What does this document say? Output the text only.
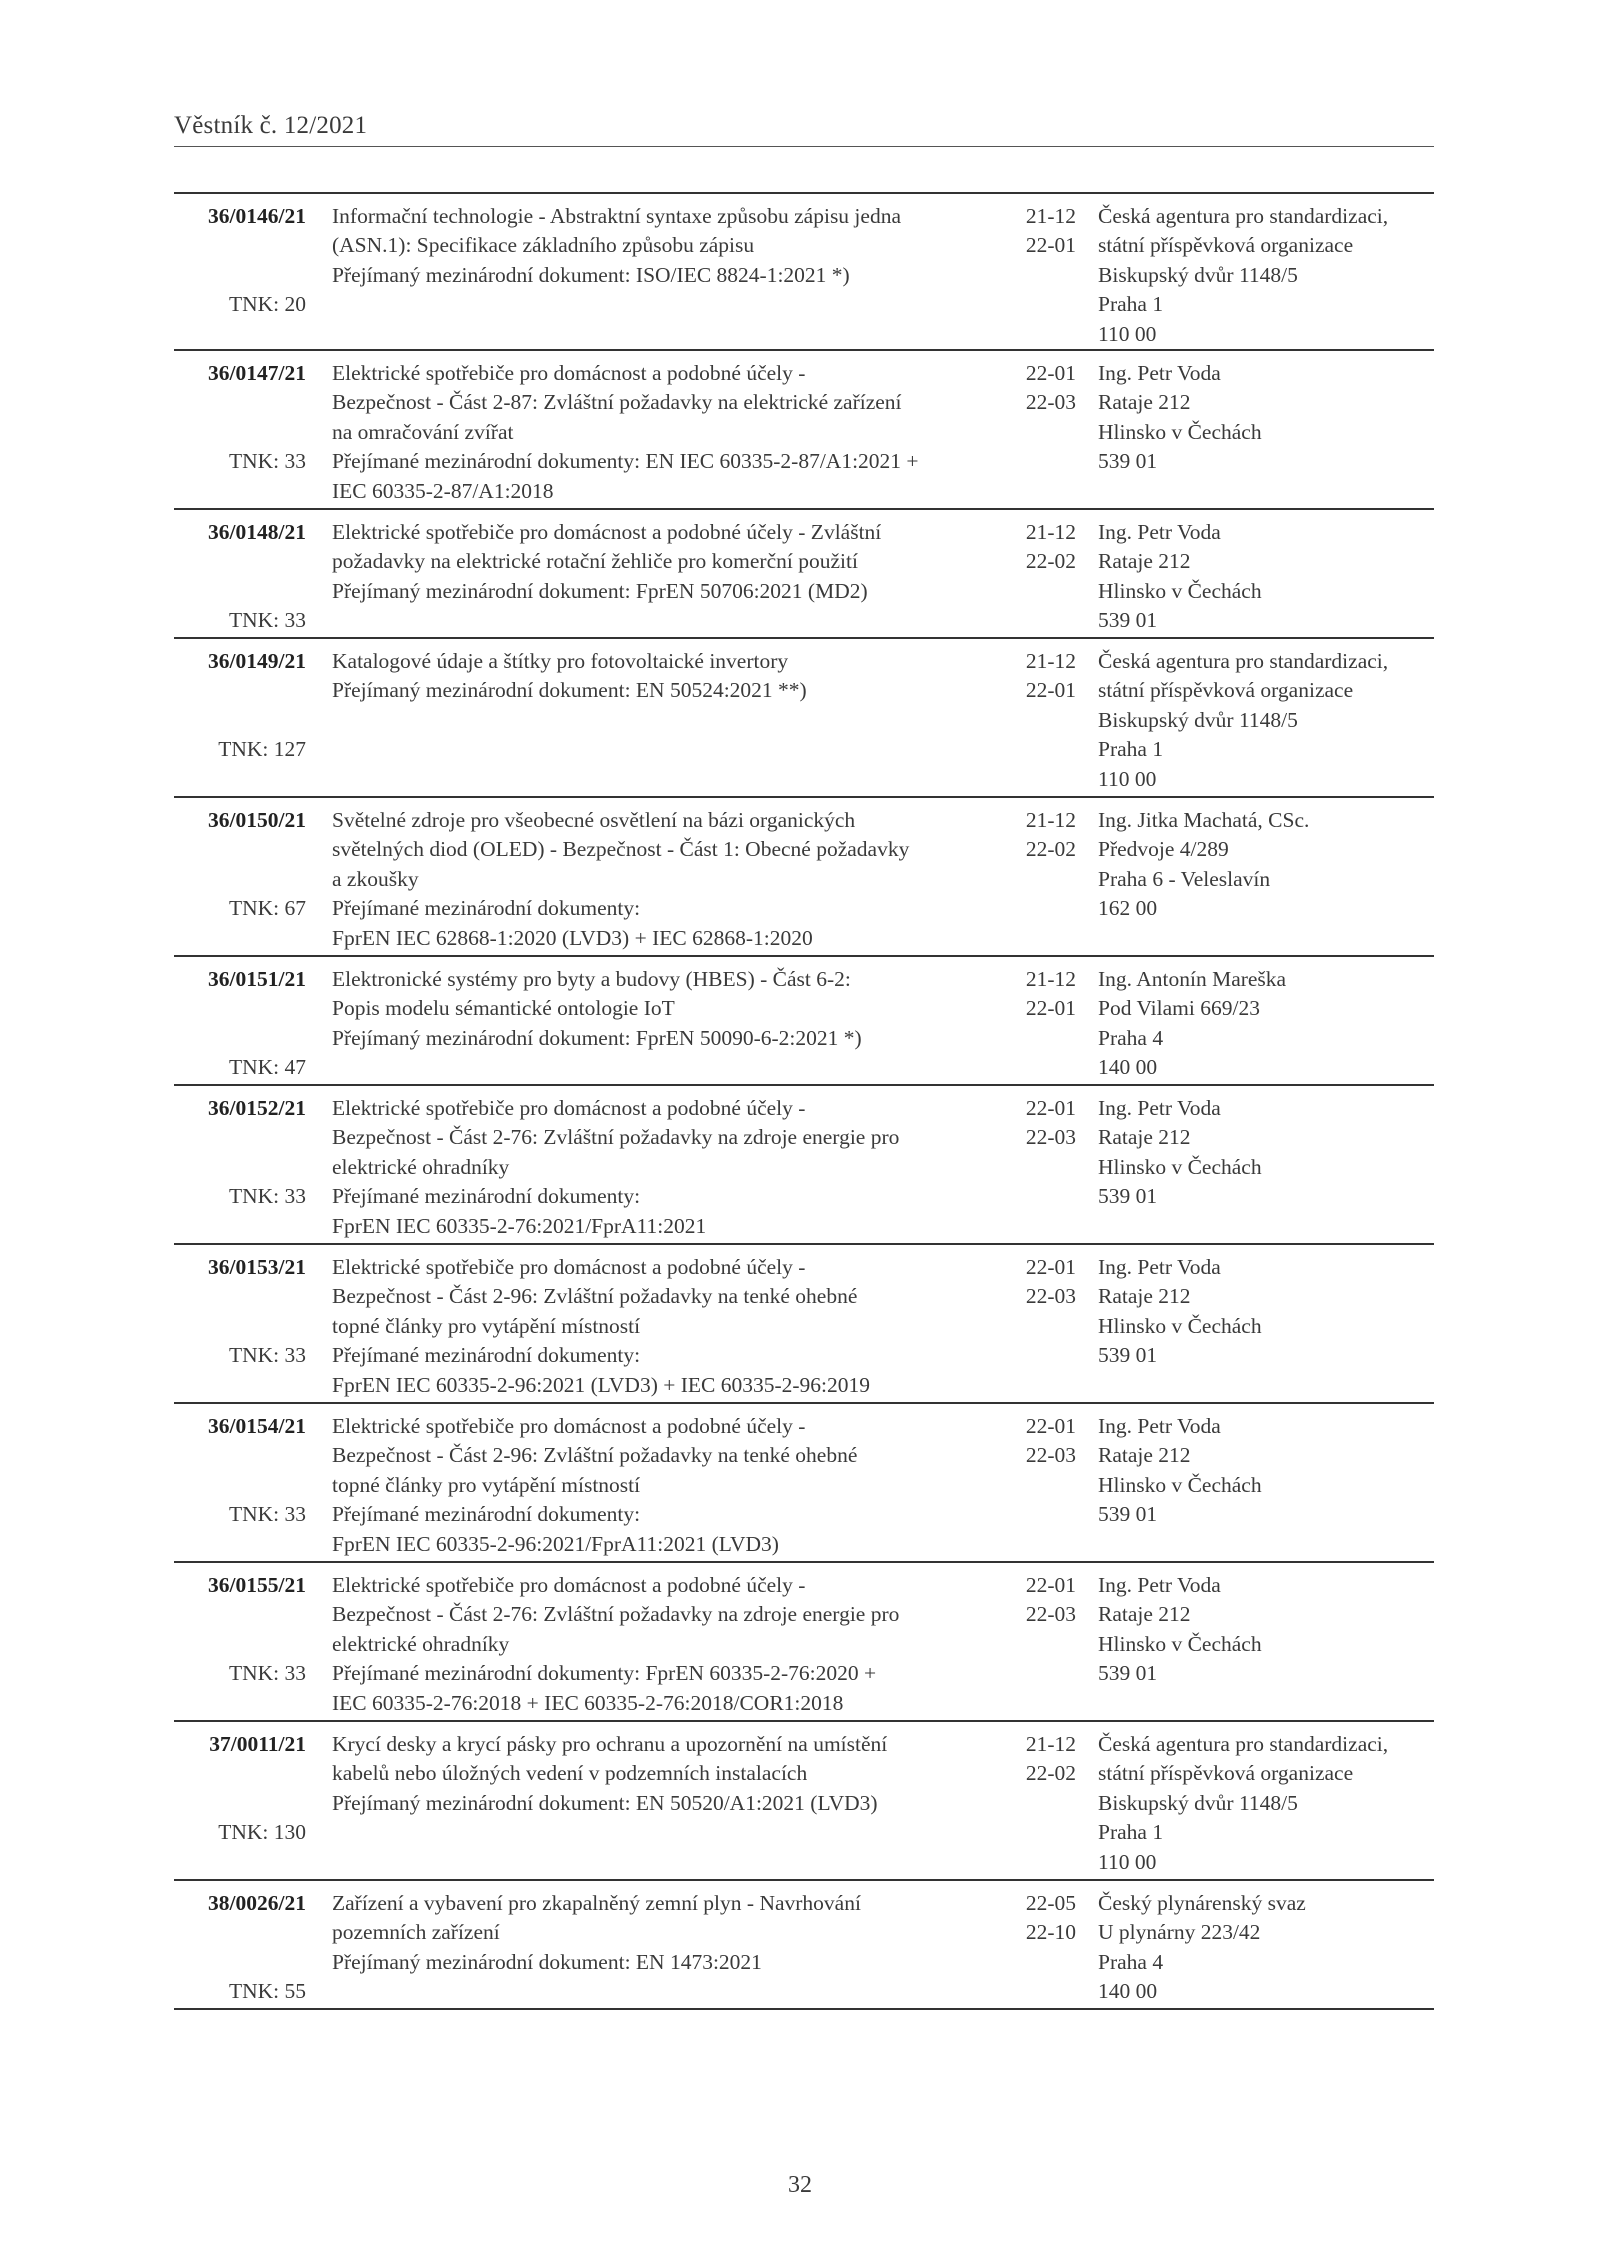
Věstník č. 12/2021
36/0146/21
TNK: 20
Informační technologie - Abstraktní syntaxe způsobu zápisu jedna
(ASN.1): Specifikace základního způsobu zápisu
Přejímaný mezinárodní dokument: ISO/IEC 8824-1:2021 *)
21-12
22-01
Česká agentura pro standardizaci,
státní příspěvková organizace
Biskupský dvůr 1148/5
Praha 1
110 00
36/0147/21
TNK: 33
Elektrické spotřebiče pro domácnost a podobné účely -
Bezpečnost - Část 2-87: Zvláštní požadavky na elektrické zařízení
na omračování zvířat
Přejímané mezinárodní dokumenty: EN IEC 60335-2-87/A1:2021 +
IEC 60335-2-87/A1:2018
22-01
22-03
Ing. Petr Voda
Rataje 212
Hlinsko v Čechách
539 01
36/0148/21
TNK: 33
Elektrické spotřebiče pro domácnost a podobné účely - Zvláštní
požadavky na elektrické rotační žehliče pro komerční použití
Přejímaný mezinárodní dokument: FprEN 50706:2021 (MD2)
21-12
22-02
Ing. Petr Voda
Rataje 212
Hlinsko v Čechách
539 01
36/0149/21
TNK: 127
Katalogové údaje a štítky pro fotovoltaické invertory
Přejímaný mezinárodní dokument: EN 50524:2021 **)
21-12
22-01
Česká agentura pro standardizaci,
státní příspěvková organizace
Biskupský dvůr 1148/5
Praha 1
110 00
36/0150/21
TNK: 67
Světelné zdroje pro všeobecné osvětlení na bázi organických
světelných diod (OLED) - Bezpečnost - Část 1: Obecné požadavky
a zkoušky
Přejímané mezinárodní dokumenty:
FprEN IEC 62868-1:2020 (LVD3) + IEC 62868-1:2020
21-12
22-02
Ing. Jitka Machatá, CSc.
Předvoje 4/289
Praha 6 - Veleslavín
162 00
36/0151/21
TNK: 47
Elektronické systémy pro byty a budovy (HBES) - Část 6-2:
Popis modelu sémantické ontologie IoT
Přejímaný mezinárodní dokument: FprEN 50090-6-2:2021 *)
21-12
22-01
Ing. Antonín Mareška
Pod Vilami 669/23
Praha 4
140 00
36/0152/21
TNK: 33
Elektrické spotřebiče pro domácnost a podobné účely -
Bezpečnost - Část 2-76: Zvláštní požadavky na zdroje energie pro
elektrické ohradníky
Přejímané mezinárodní dokumenty:
FprEN IEC 60335-2-76:2021/FprA11:2021
22-01
22-03
Ing. Petr Voda
Rataje 212
Hlinsko v Čechách
539 01
36/0153/21
TNK: 33
Elektrické spotřebiče pro domácnost a podobné účely -
Bezpečnost - Část 2-96: Zvláštní požadavky na tenké ohebné
topné články pro vytápění místností
Přejímané mezinárodní dokumenty:
FprEN IEC 60335-2-96:2021 (LVD3) + IEC 60335-2-96:2019
22-01
22-03
Ing. Petr Voda
Rataje 212
Hlinsko v Čechách
539 01
36/0154/21
TNK: 33
Elektrické spotřebiče pro domácnost a podobné účely -
Bezpečnost - Část 2-96: Zvláštní požadavky na tenké ohebné
topné články pro vytápění místností
Přejímané mezinárodní dokumenty:
FprEN IEC 60335-2-96:2021/FprA11:2021 (LVD3)
22-01
22-03
Ing. Petr Voda
Rataje 212
Hlinsko v Čechách
539 01
36/0155/21
TNK: 33
Elektrické spotřebiče pro domácnost a podobné účely -
Bezpečnost - Část 2-76: Zvláštní požadavky na zdroje energie pro
elektrické ohradníky
Přejímané mezinárodní dokumenty: FprEN 60335-2-76:2020 +
IEC 60335-2-76:2018 + IEC 60335-2-76:2018/COR1:2018
22-01
22-03
Ing. Petr Voda
Rataje 212
Hlinsko v Čechách
539 01
37/0011/21
TNK: 130
Krycí desky a krycí pásky pro ochranu a upozornění na umístění
kabelů nebo úložných vedení v podzemních instalacích
Přejímaný mezinárodní dokument: EN 50520/A1:2021 (LVD3)
21-12
22-02
Česká agentura pro standardizaci,
státní příspěvková organizace
Biskupský dvůr 1148/5
Praha 1
110 00
38/0026/21
TNK: 55
Zařízení a vybavení pro zkapalněný zemní plyn - Navrhování
pozemních zařízení
Přejímaný mezinárodní dokument: EN 1473:2021
22-05
22-10
Český plynárenský svaz
U plynárny 223/42
Praha 4
140 00
32
